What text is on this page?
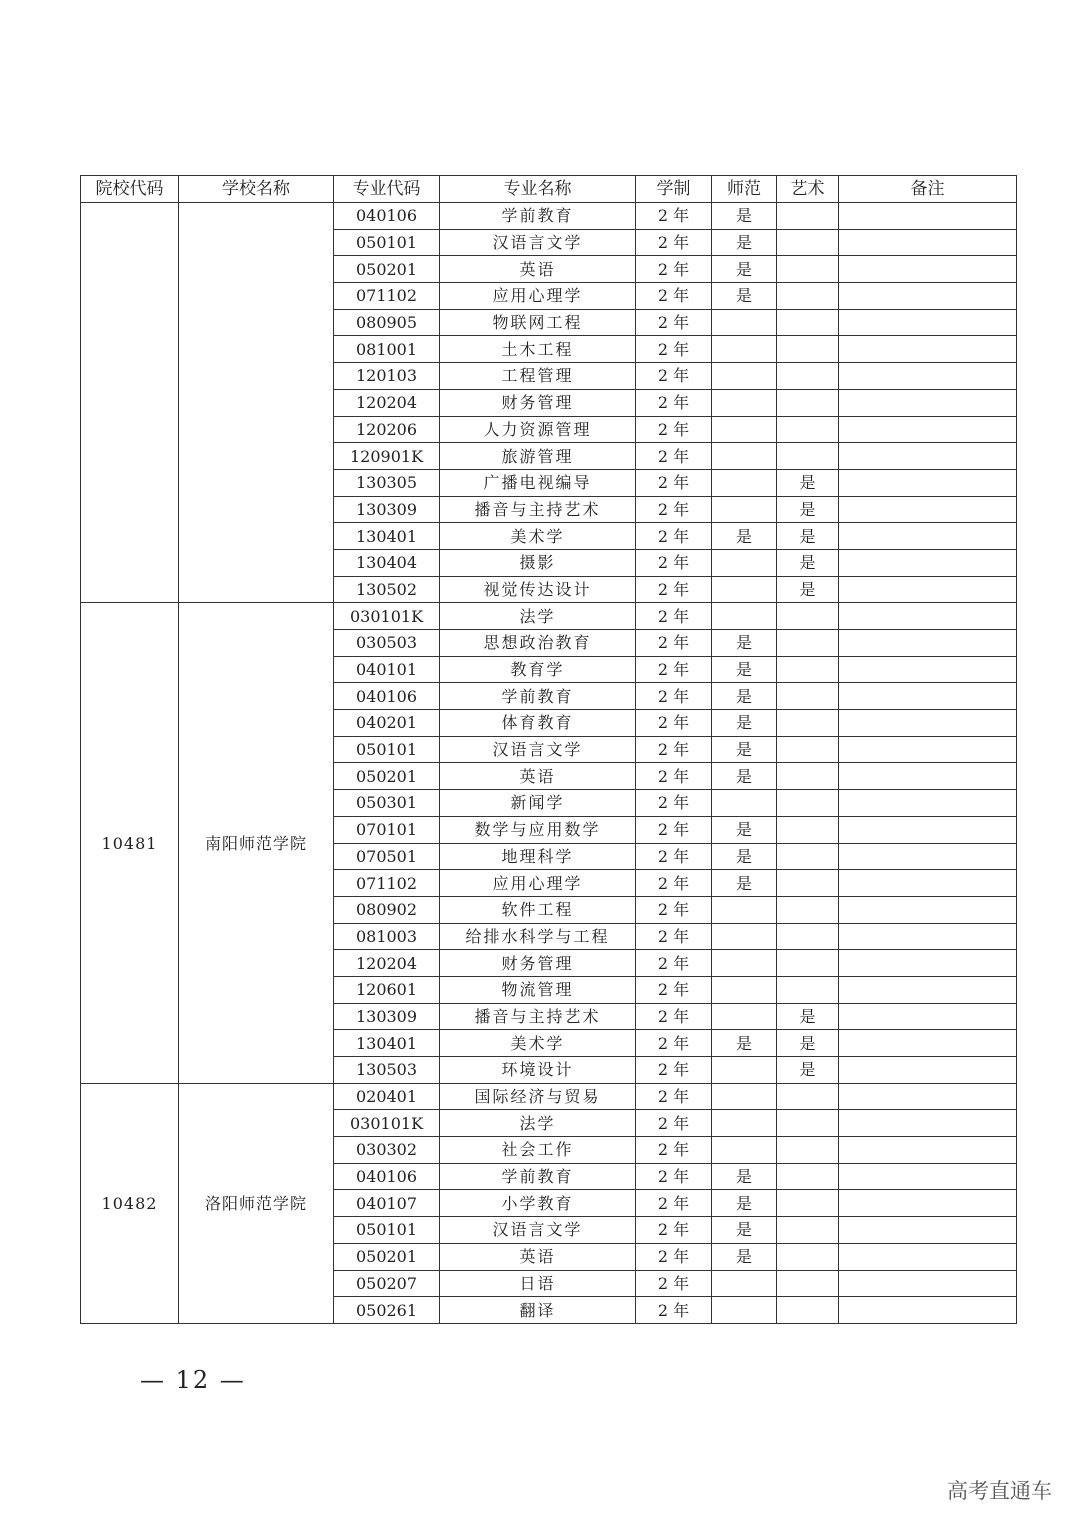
院校代码	学校名称	专业代码	专业名称	学制	师范	艺术	备注
		040106	学前教育	2 年	是		
		050101	汉语言文学	2 年	是		
		050201	英语	2 年	是		
		071102	应用心理学	2 年	是		
		080905	物联网工程	2 年			
		081001	土木工程	2 年			
		120103	工程管理	2 年			
		120204	财务管理	2 年			
		120206	人力资源管理	2 年			
		120901K	旅游管理	2 年			
		130305	广播电视编导	2 年		是	
		130309	播音与主持艺术	2 年		是	
		130401	美术学	2 年	是	是	
		130404	摄影	2 年		是	
		130502	视觉传达设计	2 年		是	
10481	南阳师范学院	030101K	法学	2 年			
		030503	思想政治教育	2 年	是		
		040101	教育学	2 年	是		
		040106	学前教育	2 年	是		
		040201	体育教育	2 年	是		
		050101	汉语言文学	2 年	是		
		050201	英语	2 年	是		
		050301	新闻学	2 年			
		070101	数学与应用数学	2 年	是		
		070501	地理科学	2 年	是		
		071102	应用心理学	2 年	是		
		080902	软件工程	2 年			
		081003	给排水科学与工程	2 年			
		120204	财务管理	2 年			
		120601	物流管理	2 年			
		130309	播音与主持艺术	2 年		是	
		130401	美术学	2 年	是	是	
		130503	环境设计	2 年		是	
10482	洛阳师范学院	020401	国际经济与贸易	2 年			
		030101K	法学	2 年			
		030302	社会工作	2 年			
		040106	学前教育	2 年	是		
		040107	小学教育	2 年	是		
		050101	汉语言文学	2 年	是		
		050201	英语	2 年	是		
		050207	日语	2 年			
		050261	翻译	2 年			
— 12 —
高考直通车
